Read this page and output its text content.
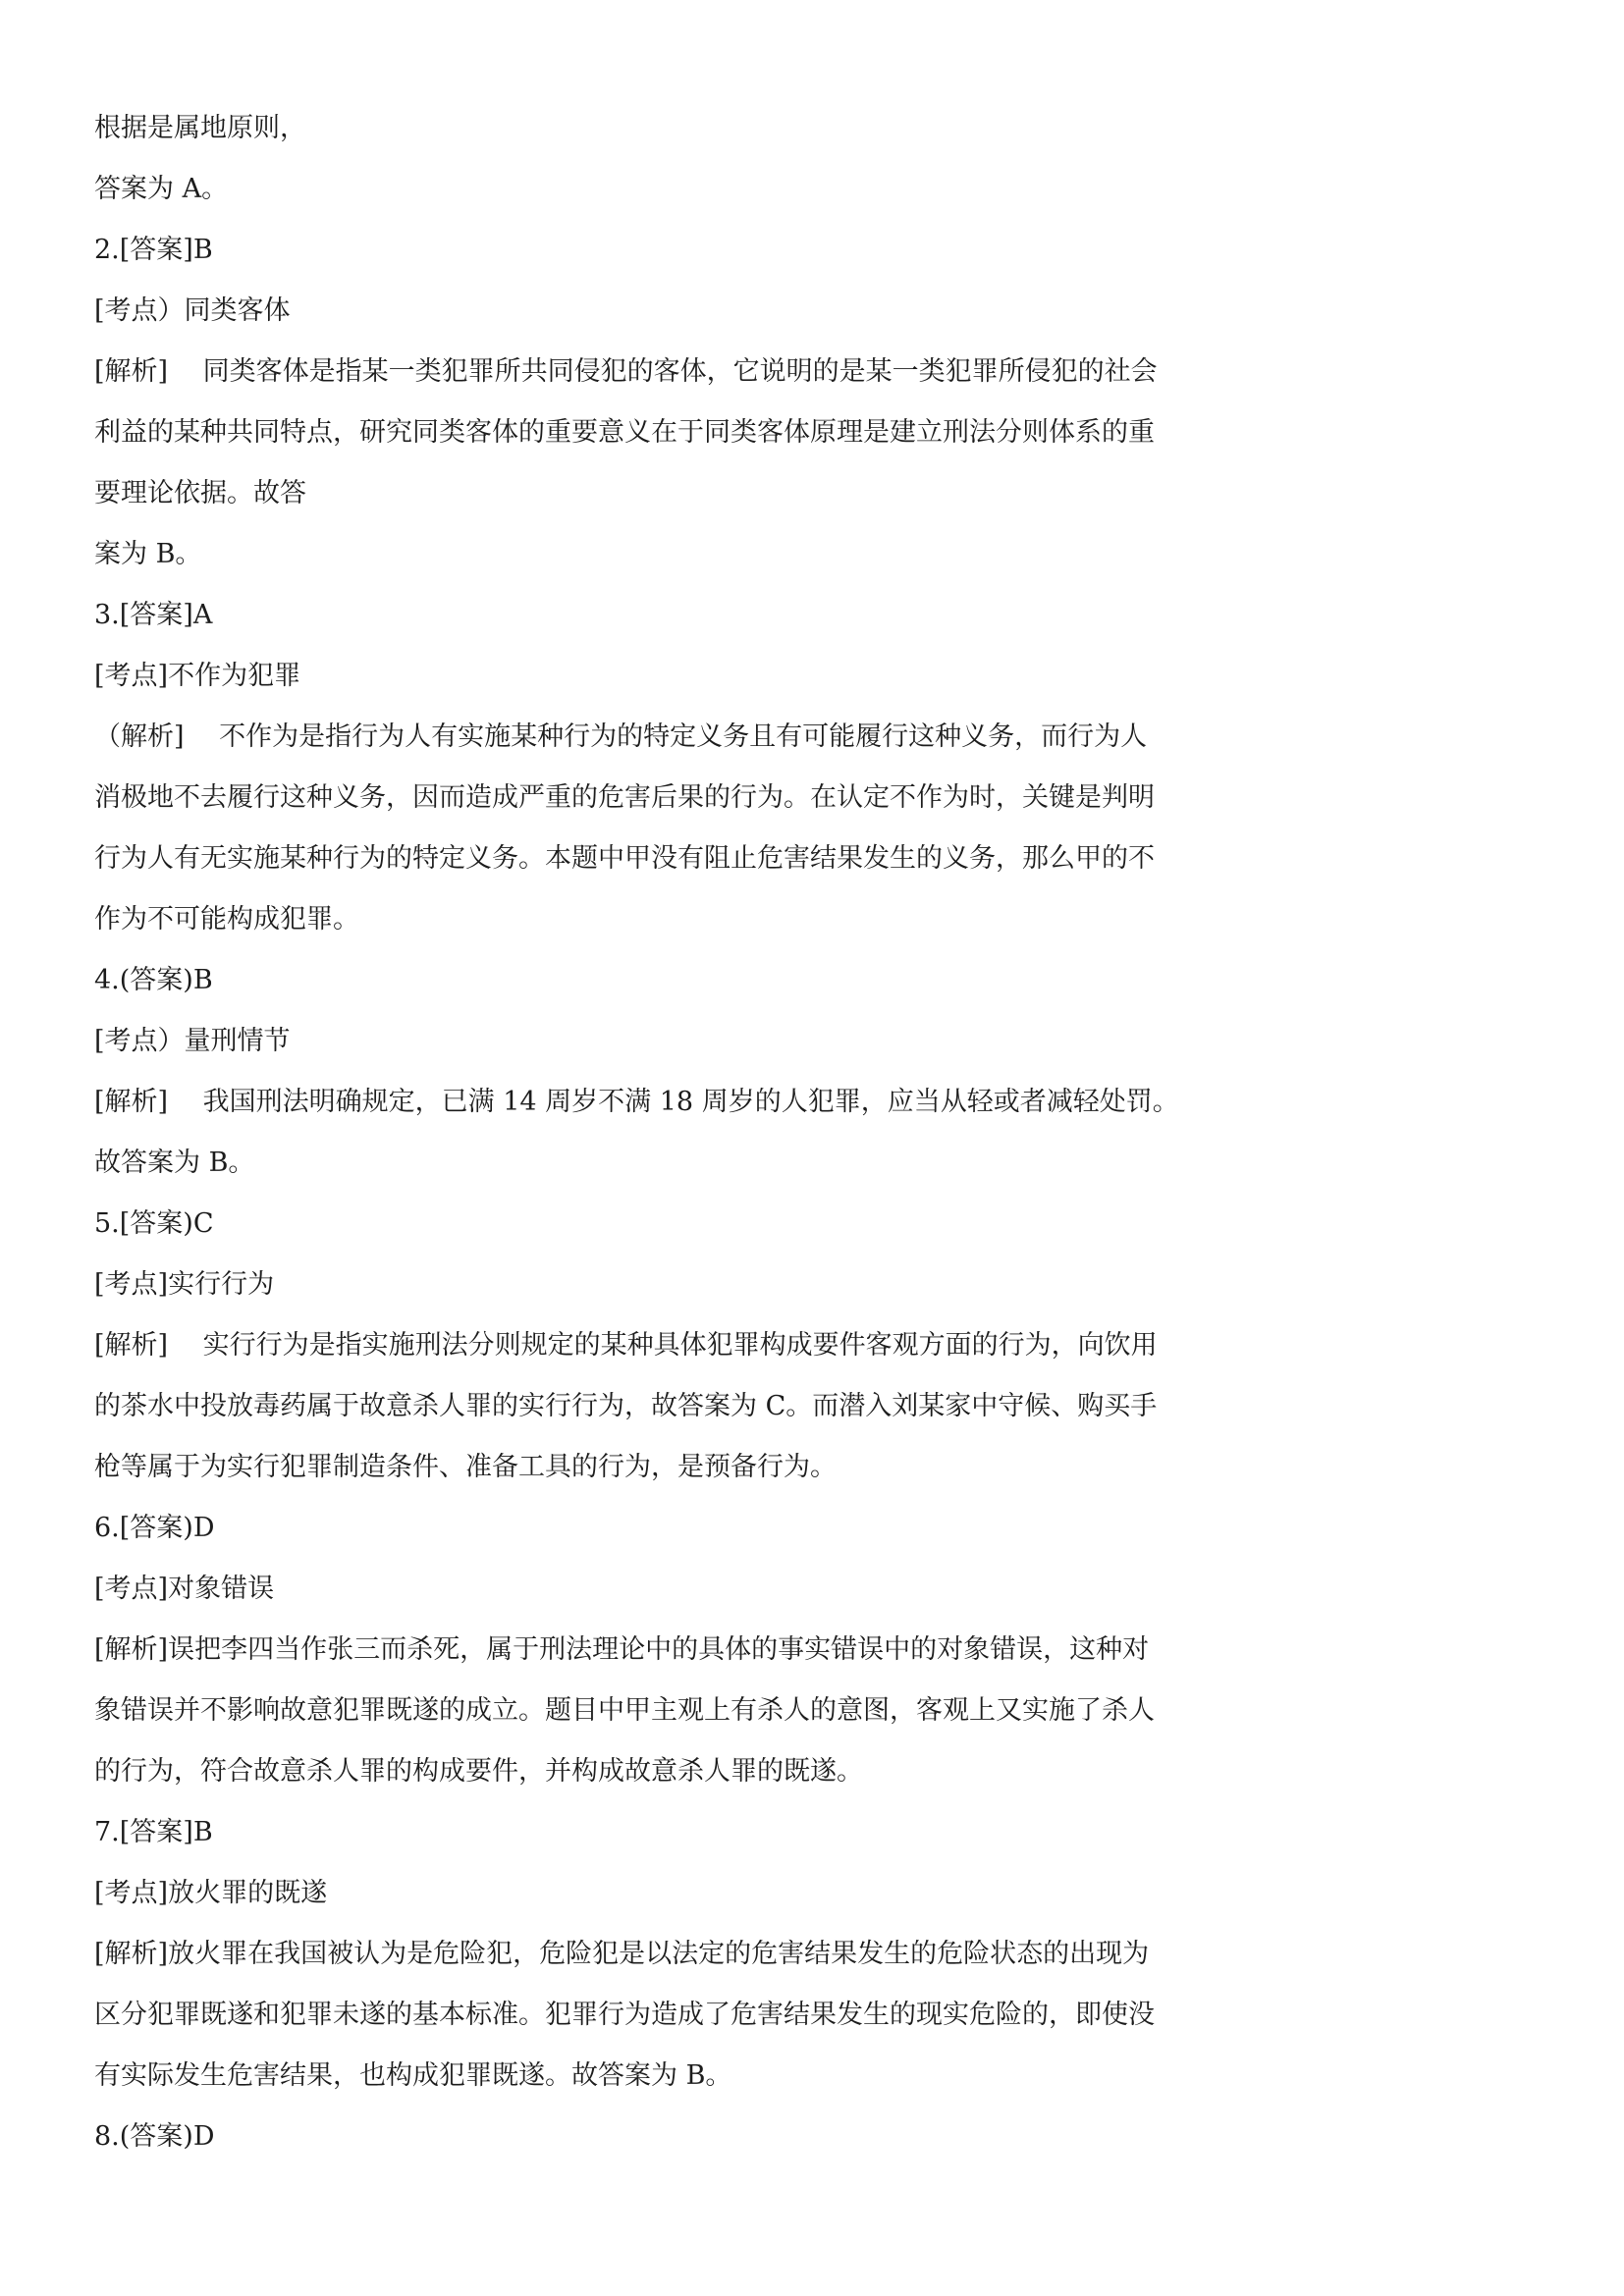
根据是属地原则，
答案为 A。
2.[答案]B
[考点）同类客体
[解析]　 同类客体是指某一类犯罪所共同侵犯的客体，它说明的是某一类犯罪所侵犯的社会
利益的某种共同特点，研究同类客体的重要意义在于同类客体原理是建立刑法分则体系的重
要理论依据。故答
案为 B。
3.[答案]A
[考点]不作为犯罪
（解析]　 不作为是指行为人有实施某种行为的特定义务且有可能履行这种义务，而行为人
消极地不去履行这种义务，因而造成严重的危害后果的行为。在认定不作为时，关键是判明
行为人有无实施某种行为的特定义务。本题中甲没有阻止危害结果发生的义务，那么甲的不
作为不可能构成犯罪。
4.(答案)B
[考点）量刑情节
[解析]　 我国刑法明确规定，已满 14 周岁不满 18 周岁的人犯罪，应当从轻或者减轻处罚。
故答案为 B。
5.[答案)C
[考点]实行行为
[解析]　 实行行为是指实施刑法分则规定的某种具体犯罪构成要件客观方面的行为，向饮用
的茶水中投放毒药属于故意杀人罪的实行行为，故答案为 C。而潜入刘某家中守候、购买手
枪等属于为实行犯罪制造条件、准备工具的行为，是预备行为。
6.[答案)D
[考点]对象错误
[解析]误把李四当作张三而杀死，属于刑法理论中的具体的事实错误中的对象错误，这种对
象错误并不影响故意犯罪既遂的成立。题目中甲主观上有杀人的意图，客观上又实施了杀人
的行为，符合故意杀人罪的构成要件，并构成故意杀人罪的既遂。
7.[答案]B
[考点]放火罪的既遂
[解析]放火罪在我国被认为是危险犯，危险犯是以法定的危害结果发生的危险状态的出现为
区分犯罪既遂和犯罪未遂的基本标准。犯罪行为造成了危害结果发生的现实危险的，即使没
有实际发生危害结果，也构成犯罪既遂。故答案为 B。
8.(答案)D
